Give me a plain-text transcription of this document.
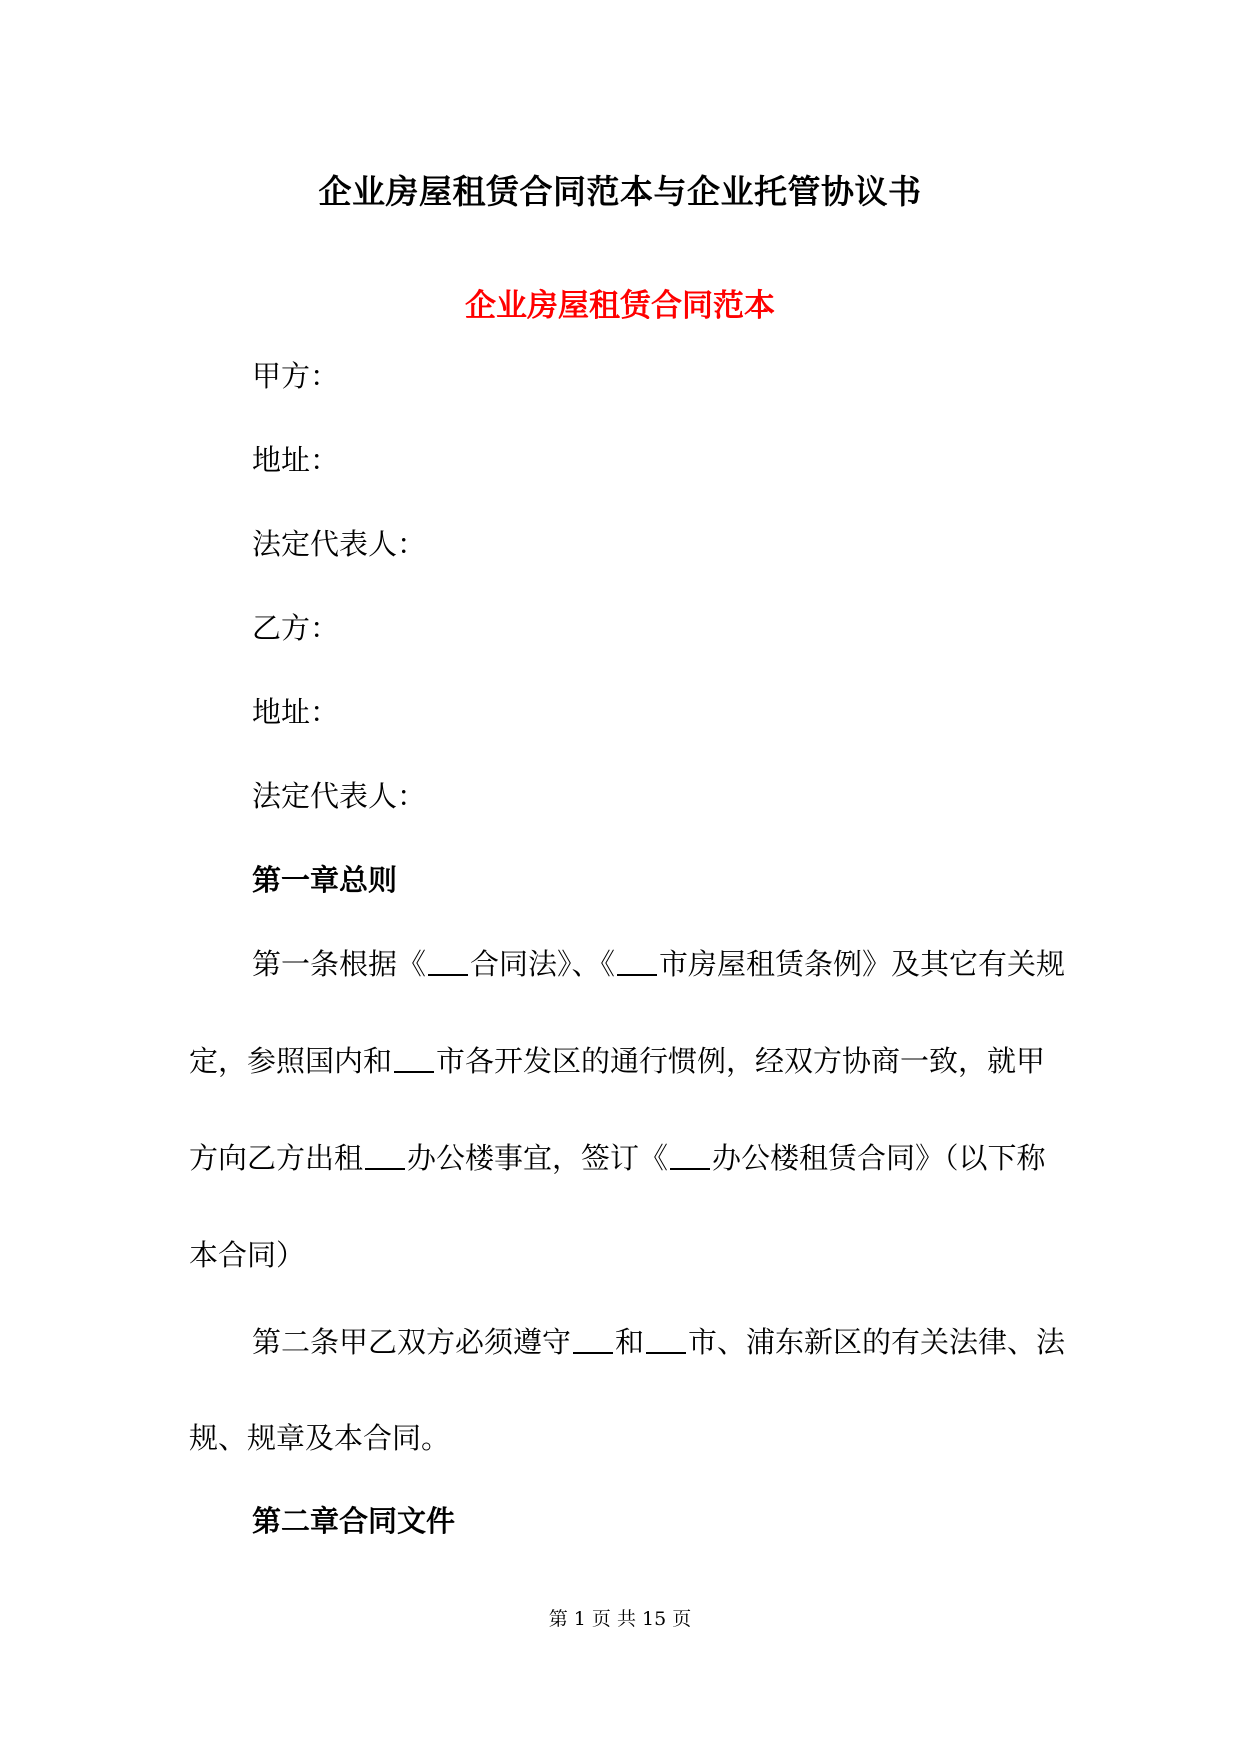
企业房屋租赁合同范本与企业托管协议书
企业房屋租赁合同范本
甲方：
地址：
法定代表人：
乙方：
地址：
法定代表人：
第一章总则
第一条根据《 合同法》、《 市房屋租赁条例》及其它有关规
定，参照国内和 市各开发区的通行惯例，经双方协商一致，就甲
方向乙方出租 办公楼事宜，签订《 办公楼租赁合同》（以下称
本合同）
第二条甲乙双方必须遵守 和 市、浦东新区的有关法律、法
规、规章及本合同。
第二章合同文件
第 1 页 共 15 页
